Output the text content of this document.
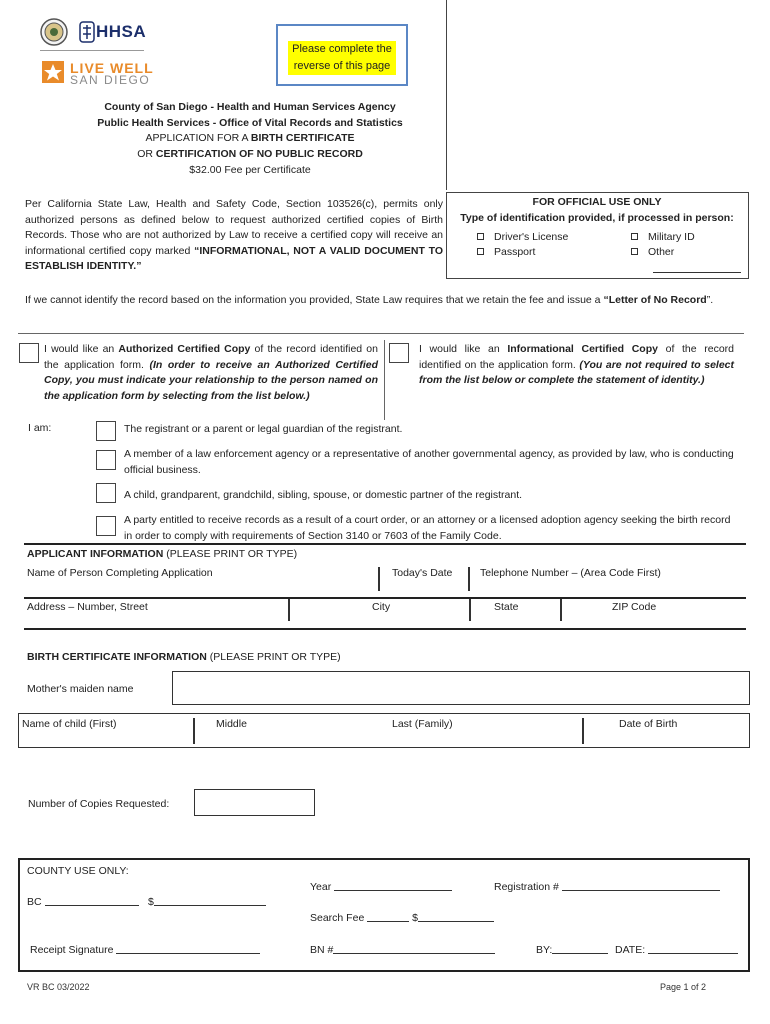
HHSA
LIVE WELL
SAN DIEGO
Please complete the reverse of this page
County of San Diego - Health and Human Services Agency
Public Health Services - Office of Vital Records and Statistics
APPLICATION FOR A BIRTH CERTIFICATE
OR CERTIFICATION OF NO PUBLIC RECORD
$32.00 Fee per Certificate
Per California State Law, Health and Safety Code, Section 103526(c), permits only authorized persons as defined below to request authorized certified copies of Birth Records. Those who are not authorized by Law to receive a certified copy will receive an informational certified copy marked “INFORMATIONAL, NOT A VALID DOCUMENT TO ESTABLISH IDENTITY.”
FOR OFFICIAL USE ONLY
Type of identification provided, if processed in person:
Driver's License	Military ID
Passport	Other
If we cannot identify the record based on the information you provided, State Law requires that we retain the fee and issue a “Letter of No Record”.
I would like an Authorized Certified Copy of the record identified on the application form. (In order to receive an Authorized Certified Copy, you must indicate your relationship to the person named on the application form by selecting from the list below.)
I would like an Informational Certified Copy of the record identified on the application form. (You are not required to select from the list below or complete the statement of identity.)
I am:	The registrant or a parent or legal guardian of the registrant.
A member of a law enforcement agency or a representative of another governmental agency, as provided by law, who is conducting official business.
A child, grandparent, grandchild, sibling, spouse, or domestic partner of the registrant.
A party entitled to receive records as a result of a court order, or an attorney or a licensed adoption agency seeking the birth record in order to comply with requirements of Section 3140 or 7603 of the Family Code.
APPLICANT INFORMATION (PLEASE PRINT OR TYPE)
Name of Person Completing Application	Today's Date	Telephone Number – (Area Code First)
Address – Number, Street	City	State	ZIP Code
BIRTH CERTIFICATE INFORMATION (PLEASE PRINT OR TYPE)
Mother's maiden name
Name of child (First)	Middle	Last (Family)	Date of Birth
Number of Copies Requested:
COUNTY USE ONLY:
Year	Registration #
BC	$
Search Fee	$
Receipt Signature	BN #	BY:	DATE:
VR BC 03/2022	Page 1 of 2
